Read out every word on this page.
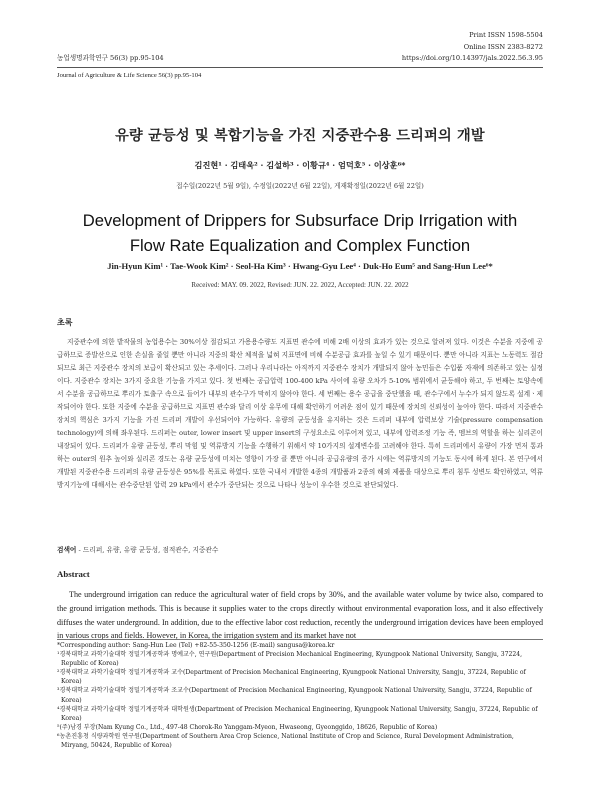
Print ISSN 1598-5504
Online ISSN 2383-8272
https://doi.org/10.14397/jals.2022.56.3.95
농업생명과학연구 56(3) pp.95-104
Journal of Agriculture & Life Science 56(3) pp.95-104
유량 균등성 및 복합기능을 가진 지중관수용 드리퍼의 개발
김진현¹ · 김태욱² · 김설하³ · 이황규⁴ · 엄덕호⁵ · 이상훈⁶*
접수일(2022년 5월 9일), 수정일(2022년 6월 22일), 게재확정일(2022년 6월 22일)
Development of Drippers for Subsurface Drip Irrigation with
Flow Rate Equalization and Complex Function
Jin-Hyun Kim¹ · Tae-Wook Kim² · Seol-Ha Kim³ · Hwang-Gyu Lee⁴ · Duk-Ho Eum⁵ and Sang-Hun Lee⁶*
Received: MAY. 09. 2022, Revised: JUN. 22. 2022, Accepted: JUN. 22. 2022
초록

지중관수에 의한 밭작물의 농업용수는 30%이상 절감되고 가용용수량도 지표면 관수에 비해 2배 이상의 효과가 있는 것으로 알려져 있다. 이것은 수분을 지중에 공급하므로 증발산으로 인한 손실을 줄일 뿐만 아니라 지중의 확산 체적을 넓혀 지표면에 비해 수분공급 효과를 높일 수 있기 때문이다. 뿐만 아니라 지표는 노동력도 절감되므로 최근 지중관수 장치의 보급이 확산되고 있는 추세이다. 그러나 우리나라는 아직까지 지중관수 장치가 개발되지 않아 농민들은 수입품 자재에 의존하고 있는 실정이다. 지중관수 장치는 3가지 중요한 기능을 가지고 있다. 첫 번째는 공급압력 100-400 kPa 사이에 유량 오차가 5-10% 범위에서 균등해야 하고, 두 번째는 토양속에서 수분을 공급하므로 뿌리가 토출구 속으로 들어가 내부의 관수구가 막히지 않아야 한다. 세 번째는 용수 공급을 중단했을 때, 관수구에서 누수가 되지 않도록 설계ㆍ제작되어야 한다. 또한 지중에 수분을 공급하므로 지표면 관수와 달리 이상 유무에 대해 확인하기 어려운 점이 있기 때문에 장치의 신뢰성이 높아야 한다. 따라서 지중관수 장치의 핵심은 3가지 기능을 가진 드리퍼 개발이 우선되어야 가능하다. 유량의 균등성을 유지하는 것은 드리퍼 내부에 압력보상 기술(pressure compensation technology)에 의해 좌우된다. 드리퍼는 outer, lower insert 및 upper insert의 구성요소로 이루어져 있고, 내부에 압력조정 기능 즉, 멤브의 역할을 하는 실리콘이 내장되어 있다. 드리퍼가 유량 균등성, 뿌리 막힘 및 역류방지 기능을 수행하기 위해서 약 10가지의 설계변수를 고려해야 한다. 특히 드리퍼에서 유량이 가장 먼저 통과하는 outer의 원추 높이와 실리콘 경도는 유량 균등성에 미치는 영향이 가장 클 뿐만 아니라 공급유량의 증가 시에는 역류방지의 기능도 동시에 하게 된다. 본 연구에서 개발된 지중관수용 드리퍼의 유량 균등성은 95%를 목표로 하였다. 또한 국내서 개발한 4종의 개발품과 2종의 해외 제품을 대상으로 뿌리 침투 성변도 확인하였고, 역류 방지기능에 대해서는 관수중단된 압력 29 kPa에서 관수가 중단되는 것으로 나타나 성능이 우수한 것으로 판단되었다.

검색어 - 드리퍼, 유량, 유량 균등성, 점적관수, 지중관수
Abstract

The underground irrigation can reduce the agricultural water of field crops by 30%, and the available water volume by twice also, compared to the ground irrigation methods. This is because it supplies water to the crops directly without environmental evaporation loss, and it also effectively diffuses the water underground. In addition, due to the effective labor cost reduction, recently the underground irrigation devices have been employed in various crops and fields. However, in Korea, the irrigation system and its market have not

*Corresponding author: Sang-Hun Lee (Tel) +82-55-350-1256 (E-mail) sangusa@korea.kr
¹경북대학교 과학기술대학 정밀기계공학과 명예교수, 연구원(Department of Precision Mechanical Engineering, Kyungpook National University, Sangju, 37224, Republic of Korea)
²경북대학교 과학기술대학 정밀기계공학과 교수(Department of Precision Mechanical Engineering, Kyungpook National University, Sangju, 37224, Republic of Korea)
³경북대학교 과학기술대학 정밀기계공학과 조교수(Department of Precision Mechanical Engineering, Kyungpook National University, Sangju, 37224, Republic of Korea)
⁴경북대학교 과학기술대학 정밀기계공학과 대학원생(Department of Precision Mechanical Engineering, Kyungpook National University, Sangju, 37224, Republic of Korea)
⁵(주)남경 부장(Nam Kyung Co., Ltd., 497-48 Chorok-Ro Yanggam-Myeon, Hwaseong, Gyeonggido, 18626, Republic of Korea)
⁶농촌진흥청 식량과학원 연구원(Department of Southern Area Crop Science, National Institute of Crop and Science, Rural Development Administration, Miryang, 50424, Republic of Korea)
